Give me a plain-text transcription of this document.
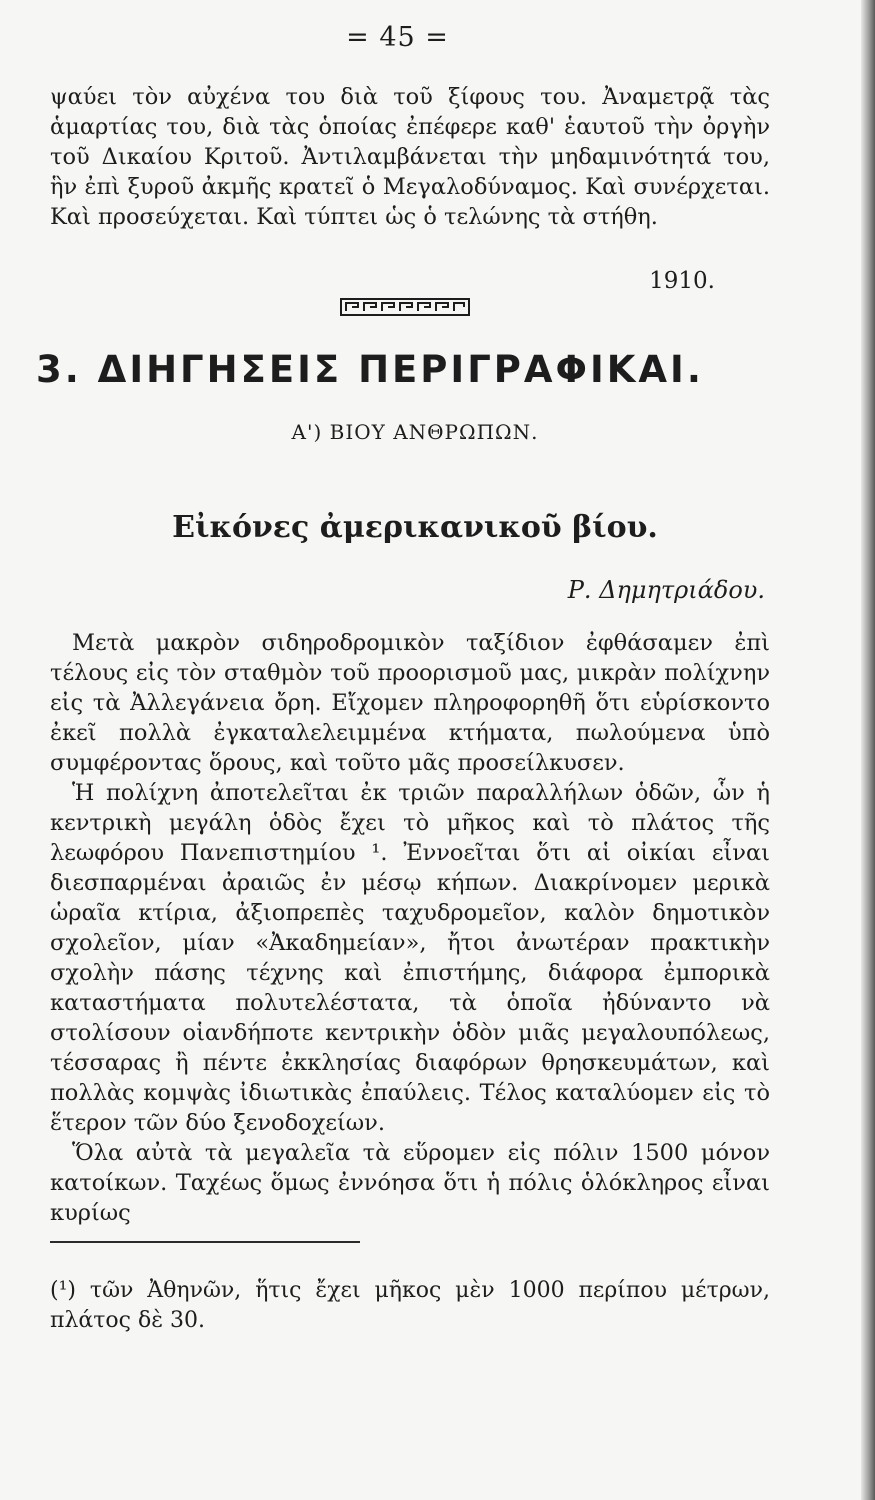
= 45 =
ψαύει τὸν αὐχένα του διὰ τοῦ ξίφους του. Ἀναμετρᾷ τὰς ἁμαρτίας του, διὰ τὰς ὁποίας ἐπέφερε καθ' ἑαυτοῦ τὴν ὀργὴν τοῦ Δικαίου Κριτοῦ. Ἀντιλαμβάνεται τὴν μηδαμινότητά του, ἣν ἐπὶ ξυροῦ ἀκμῆς κρατεῖ ὁ Μεγαλοδύναμος. Καὶ συνέρχεται. Καὶ προσεύχεται. Καὶ τύπτει ὡς ὁ τελώνης τὰ στήθη.
1910.
3. ΔΙΗΓΗΣΕΙΣ ΠΕΡΙΓΡΑΦΙΚΑΙ.
Α') ΒΙΟΥ ΑΝΘΡΩΠΩΝ.
Εἰκόνες ἀμερικανικοῦ βίου.
Ρ. Δημητριάδου.

Μετὰ μακρὸν σιδηροδρομικὸν ταξίδιον ἐφθάσαμεν ἐπὶ τέλους εἰς τὸν σταθμὸν τοῦ προορισμοῦ μας, μικρὰν πολίχνην εἰς τὰ Ἀλλεγάνεια ὄρη. Εἴχομεν πληροφορηθῆ ὅτι εὑρίσκοντο ἐκεῖ πολλὰ ἐγκαταλελειμμένα κτήματα, πωλούμενα ὑπὸ συμφέροντας ὅρους, καὶ τοῦτο μᾶς προσείλκυσεν.

Ἡ πολίχνη ἀποτελεῖται ἐκ τριῶν παραλλήλων ὁδῶν, ὧν ἡ κεντρικὴ μεγάλη ὁδὸς ἔχει τὸ μῆκος καὶ τὸ πλάτος τῆς λεωφόρου Πανεπιστημίου ¹. Ἐννοεῖται ὅτι αἱ οἰκίαι εἶναι διεσπαρμέναι ἀραιῶς ἐν μέσῳ κήπων. Διακρίνομεν μερικὰ ὡραῖα κτίρια, ἀξιοπρεπὲς ταχυδρομεῖον, καλὸν δημοτικὸν σχολεῖον, μίαν «Ἀκαδημείαν», ἤτοι ἀνωτέραν πρακτικὴν σχολὴν πάσης τέχνης καὶ ἐπιστήμης, διάφορα ἐμπορικὰ καταστήματα πολυτελέστατα, τὰ ὁποῖα ἠδύναντο νὰ στολίσουν οἱανδήποτε κεντρικὴν ὁδὸν μιᾶς μεγαλουπόλεως, τέσσαρας ἢ πέντε ἐκκλησίας διαφόρων θρησκευμάτων, καὶ πολλὰς κομψὰς ἰδιωτικὰς ἐπαύλεις. Τέλος καταλύομεν εἰς τὸ ἕτερον τῶν δύο ξενοδοχείων.

Ὅλα αὐτὰ τὰ μεγαλεῖα τὰ εὕρομεν εἰς πόλιν 1500 μόνον κατοίκων. Ταχέως ὅμως ἐννόησα ὅτι ἡ πόλις ὁλόκληρος εἶναι κυρίως

(¹) τῶν Ἀθηνῶν, ἥτις ἔχει μῆκος μὲν 1000 περίπου μέτρων, πλάτος δὲ 30.
